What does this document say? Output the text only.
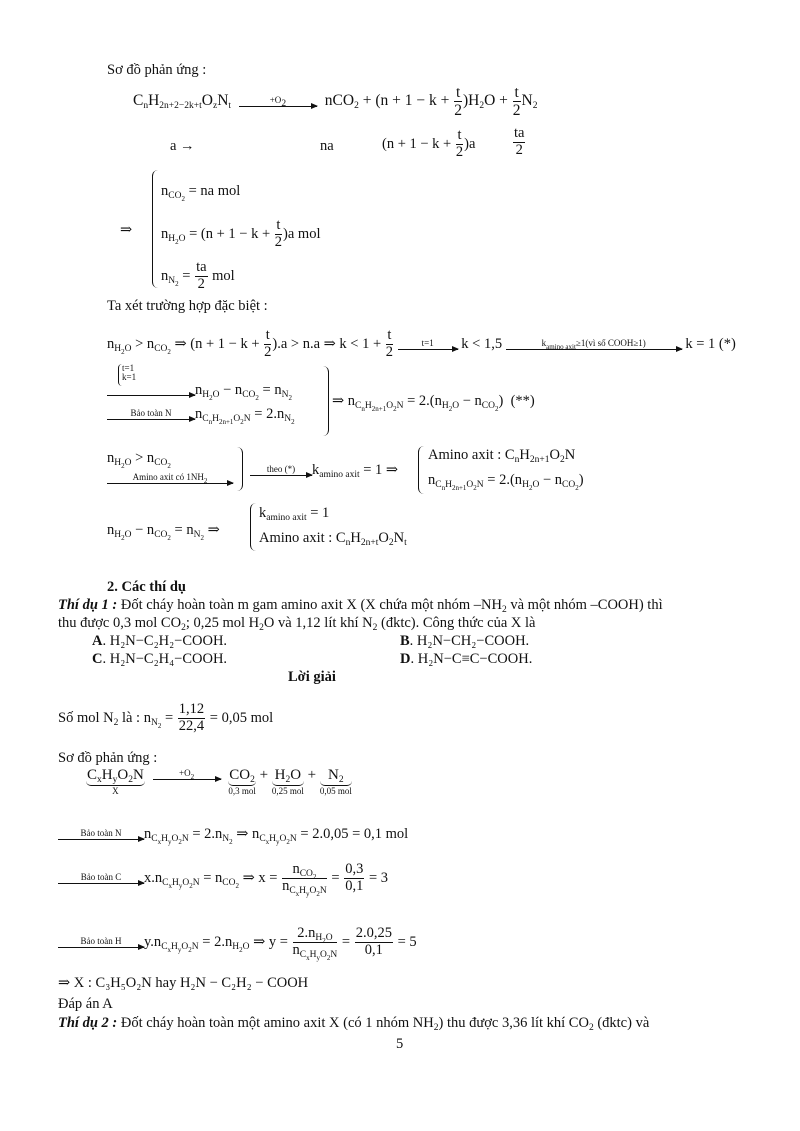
Sơ đồ phản ứng :
$C_nH_{2n+2-2k+t}O_zN_t$
$+O_2$	$nCO_2 + (n + 1 - k + \frac{t}{2} )H_2O + \frac{t}{2} N_2$
a →	na	$(n + 1 - k + \frac{t}{2} )a$	$\frac{ta}{2}$
⇒
$n_{CO_2}$ = na mol
$n_{H_2O} = (n + 1 - k + \frac{t}{2} )a$ mol
$n_{N_2} = \frac{ta}{2}$ mol
Ta xét trường hợp đặc biệt :
$n_{H_2O} > n_{CO_2}$ ⇒ $(n + 1 - k + \frac{t}{2} ).a > n.a$ ⇒ $k < 1 + \frac{t}{2}$
	t=1	k < 1,5	$k_{amino axit}\ge 1(vì$ số COOH≥1)	k = 1 (*)
t=1
k=1

$n_{H_2O} - n_{CO_2} = n_{N_2}$
Bảo toàn N	$n_{C_nH_{2n+1}O_2N} = 2.n_{N_2}$
⇒ $n_{C_nH_{2n+1}O_2N} = 2.(n_{H_2O} - n_{CO_2})$  (**)
$n_{H_2O} > n_{CO_2}$
Amino axit có $1NH_2$
theo (*)	$k_{amino axit} = 1$ ⇒
Amino axit : $C_nH_{2n+1}O_2N$
$n_{C_nH_{2n+1}O_2N} = 2.(n_{H_2O} - n_{CO_2})$
$n_{H_2O} - n_{CO_2} = n_{N_2}$ ⇒
$k_{amino axit} = 1$
Amino axit : $C_nH_{2n+t}O_2N_t$
2. Các thí dụ
Thí dụ 1 : Đốt cháy hoàn toàn m gam amino axit X (X chứa một nhóm $-NH_2$ và một nhóm –COOH) thì
thu được 0,3 mol $CO_2$; 0,25 mol $H_2O$ và 1,12 lít khí $N_2$ (đktc). Công thức của X là
A. H₂N−C₂H₂−COOH.	B. H₂N−CH₂−COOH.
C. H₂N−C₂H₄−COOH.	D. H₂N−C≡C−COOH.
Lời giải
Số mol $N_2$ là : $n_{N_2} = \frac{1,12}{22,4} = 0,05$ mol
Sơ đồ phản ứng :
$C_xH_yO_2N$
X

$+O_2$
	$CO_2$
0,3 mol
+ $H_2O$
0,25 mol
+ $N_2$
0,05 mol
Bảo toàn N	$n_{C_xH_yO_2N} = 2.n_{N_2}$ ⇒ $n_{C_xH_yO_2N} = 2.0,05 = 0,1$ mol
Bảo toàn C	$x.n_{C_xH_yO_2N} = n_{CO_2}$ ⇒ $x = \frac{n_{CO_2}}{n_{C_xH_yO_2N}} = \frac{0,3}{0,1} = 3$
Bảo toàn H	$y.n_{C_xH_yO_2N} = 2.n_{H_2O}$ ⇒ $y = \frac{2.n_{H_2O}}{n_{C_xH_yO_2N}} = \frac{2.0,25}{0,1} = 5$
⇒ X : C₃H₅O₂N hay H₂N − C₂H₂ − COOH
Đáp án A
Thí dụ 2 : Đốt cháy hoàn toàn một amino axit X (có 1 nhóm $NH_2$) thu được 3,36 lít khí $CO_2$ (đktc) và
5
